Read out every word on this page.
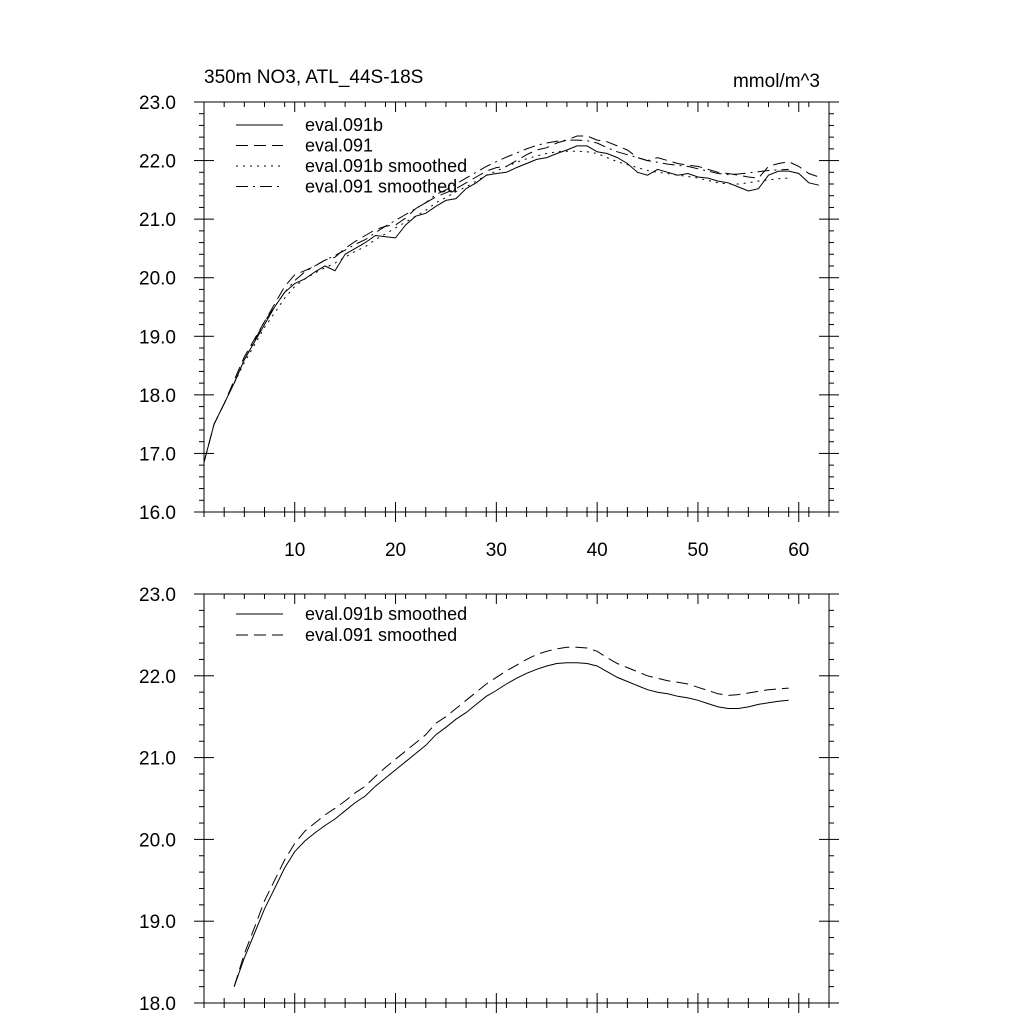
350m NO3, ATL_44S-18S	mmol/m^3
10	20	30	40	50	60
16.0
17.0
18.0
19.0
20.0
21.0
22.0
23.0
eval.091b
eval.091
eval.091b smoothed
eval.091 smoothed
18.0
19.0
20.0
21.0
22.0
23.0
eval.091b smoothed
eval.091 smoothed
